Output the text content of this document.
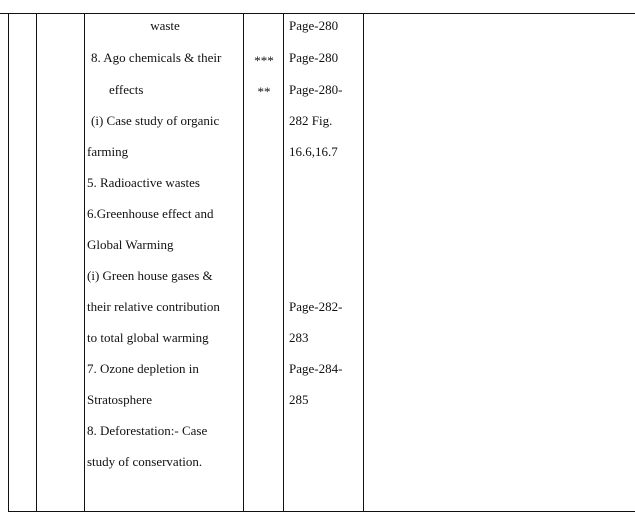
waste
8. Ago chemicals & their
effects
(i) Case study of organic
farming
5. Radioactive wastes
6.Greenhouse effect and
Global Warming
(i) Green house gases &
their relative contribution
to total global warming
7. Ozone depletion in
Stratosphere
8. Deforestation:- Case
study of conservation.
***
**
Page-280
Page-280
Page-280-
282 Fig.
16.6,16.7
Page-282-
283
Page-284-
285
